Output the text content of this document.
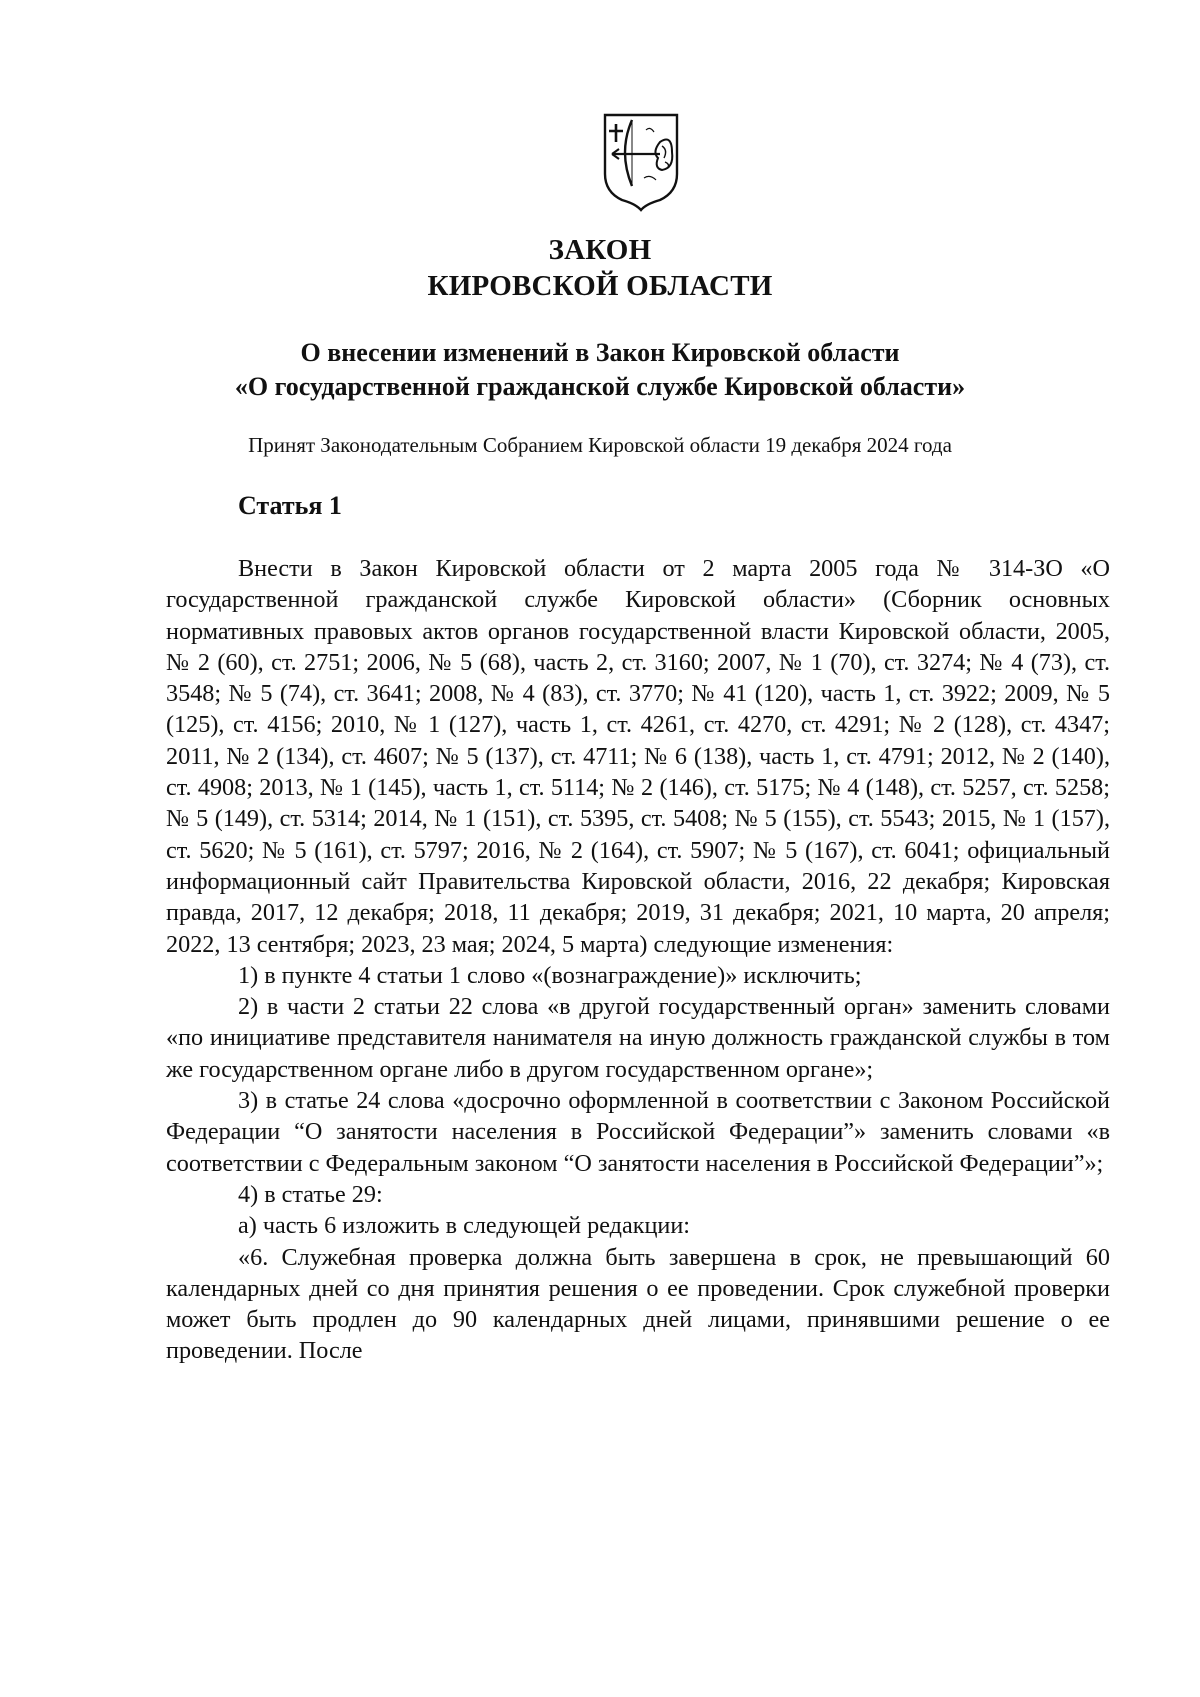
ЗАКОН
КИРОВСКОЙ ОБЛАСТИ
О внесении изменений в Закон Кировской области
«О государственной гражданской службе Кировской области»
Принят Законодательным Собранием Кировской области 19 декабря 2024 года
Статья 1

Внести в Закон Кировской области от 2 марта 2005 года № 314-ЗО «О государственной гражданской службе Кировской области» (Сборник основных нормативных правовых актов органов государственной власти Кировской области, 2005, № 2 (60), ст. 2751; 2006, № 5 (68), часть 2, ст. 3160; 2007, № 1 (70), ст. 3274; № 4 (73), ст. 3548; № 5 (74), ст. 3641; 2008, № 4 (83), ст. 3770; № 41 (120), часть 1, ст. 3922; 2009, № 5 (125), ст. 4156; 2010, № 1 (127), часть 1, ст. 4261, ст. 4270, ст. 4291; № 2 (128), ст. 4347; 2011, № 2 (134), ст. 4607; № 5 (137), ст. 4711; № 6 (138), часть 1, ст. 4791; 2012, № 2 (140), ст. 4908; 2013, № 1 (145), часть 1, ст. 5114; № 2 (146), ст. 5175; № 4 (148), ст. 5257, ст. 5258; № 5 (149), ст. 5314; 2014, № 1 (151), ст. 5395, ст. 5408; № 5 (155), ст. 5543; 2015, № 1 (157), ст. 5620; № 5 (161), ст. 5797; 2016, № 2 (164), ст. 5907; № 5 (167), ст. 6041; официальный информационный сайт Правительства Кировской области, 2016, 22 декабря; Кировская правда, 2017, 12 декабря; 2018, 11 декабря; 2019, 31 декабря; 2021, 10 марта, 20 апреля; 2022, 13 сентября; 2023, 23 мая; 2024, 5 марта) следующие изменения:

1) в пункте 4 статьи 1 слово «(вознаграждение)» исключить;

2) в части 2 статьи 22 слова «в другой государственный орган» заменить словами «по инициативе представителя нанимателя на иную должность гражданской службы в том же государственном органе либо в другом государственном органе»;

3) в статье 24 слова «досрочно оформленной в соответствии с Законом Российской Федерации “О занятости населения в Российской Федерации”» заменить словами «в соответствии с Федеральным законом “О занятости населения в Российской Федерации”»;

4) в статье 29:

а) часть 6 изложить в следующей редакции:

«6. Служебная проверка должна быть завершена в срок, не превышающий 60 календарных дней со дня принятия решения о ее проведении. Срок служебной проверки может быть продлен до 90 календарных дней лицами, принявшими решение о ее проведении. После
